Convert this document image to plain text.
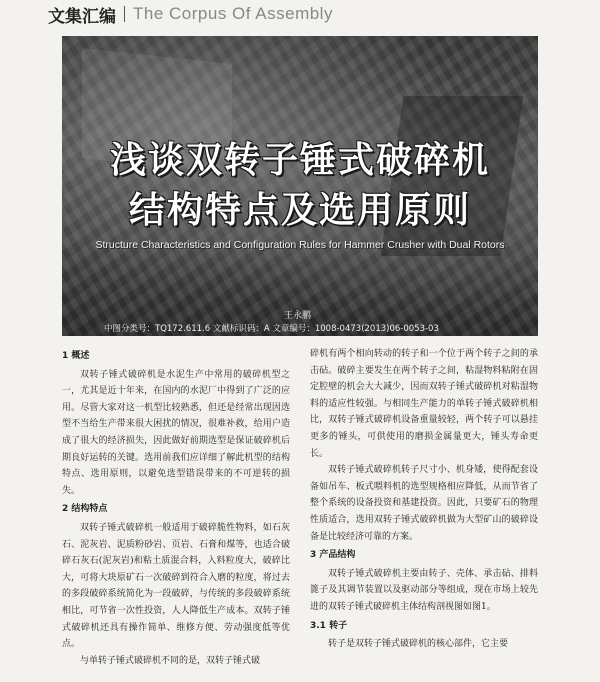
文集汇编 The Corpus Of Assembly
浅谈双转子锤式破碎机
结构特点及选用原则
Structure Characteristics and Configuration Rules for Hammer Crusher with Dual Rotors
王永鹏
中图分类号：TQ172.611.6 文献标识码：A 文章编号：1008-0473(2013)06-0053-03
1 概述

双转子锤式破碎机是水泥生产中常用的破碎机型之一，尤其是近十年来，在国内的水泥厂中得到了广泛的应用。尽管大家对这一机型比较熟悉，但还是经常出现因选型不当给生产带来很大困扰的情况，很难补救，给用户造成了很大的经济损失，因此做好前期选型是保证破碎机后期良好运转的关键。选用前我们应详细了解此机型的结构特点、选用原则，以避免选型错误带来的不可逆转的损失。

2 结构特点

双转子锤式破碎机一般适用于破碎脆性物料，如石灰石、泥灰岩、泥质粉砂岩、页岩、石膏和煤等，也适合破碎石灰石(泥灰岩)和粘土质混合料，入料粒度大，破碎比大，可将大块原矿石一次破碎到符合入磨的粒度，将过去的多段破碎系统简化为一段破碎，与传统的多段破碎系统相比，可节省一次性投资，人人降低生产成本。双转子锤式破碎机还具有操作简单、维修方便、劳动强度低等优点。

与单转子锤式破碎机不同的是，双转子锤式破

碎机有两个相向转动的转子和一个位于两个转子之间的承击砧。破碎主要发生在两个转子之间，粘湿物料粘附在固定腔壁的机会大大减少，因而双转子锤式破碎机对粘湿物料的适应性较强。与相同生产能力的单转子锤式破碎机相比，双转子锤式破碎机设备重量较轻，两个转子可以悬挂更多的锤头，可供使用的磨损金属量更大，锤头寿命更长。

双转子锤式破碎机转子尺寸小、机身矮，使得配套设备如吊车、板式喂料机的选型规格相应降低，从而节省了整个系统的设备投资和基建投资。因此，只要矿石的物理性质适合，选用双转子锤式破碎机做为大型矿山的破碎设备是比较经济可靠的方案。

3 产品结构

双转子锤式破碎机主要由转子、壳体、承击砧、排料篦子及其调节装置以及驱动部分等组成，现在市场上较先进的双转子锤式破碎机主体结构剖视图如图1。

3.1 转子

转子是双转子锤式破碎机的核心部件，它主要
